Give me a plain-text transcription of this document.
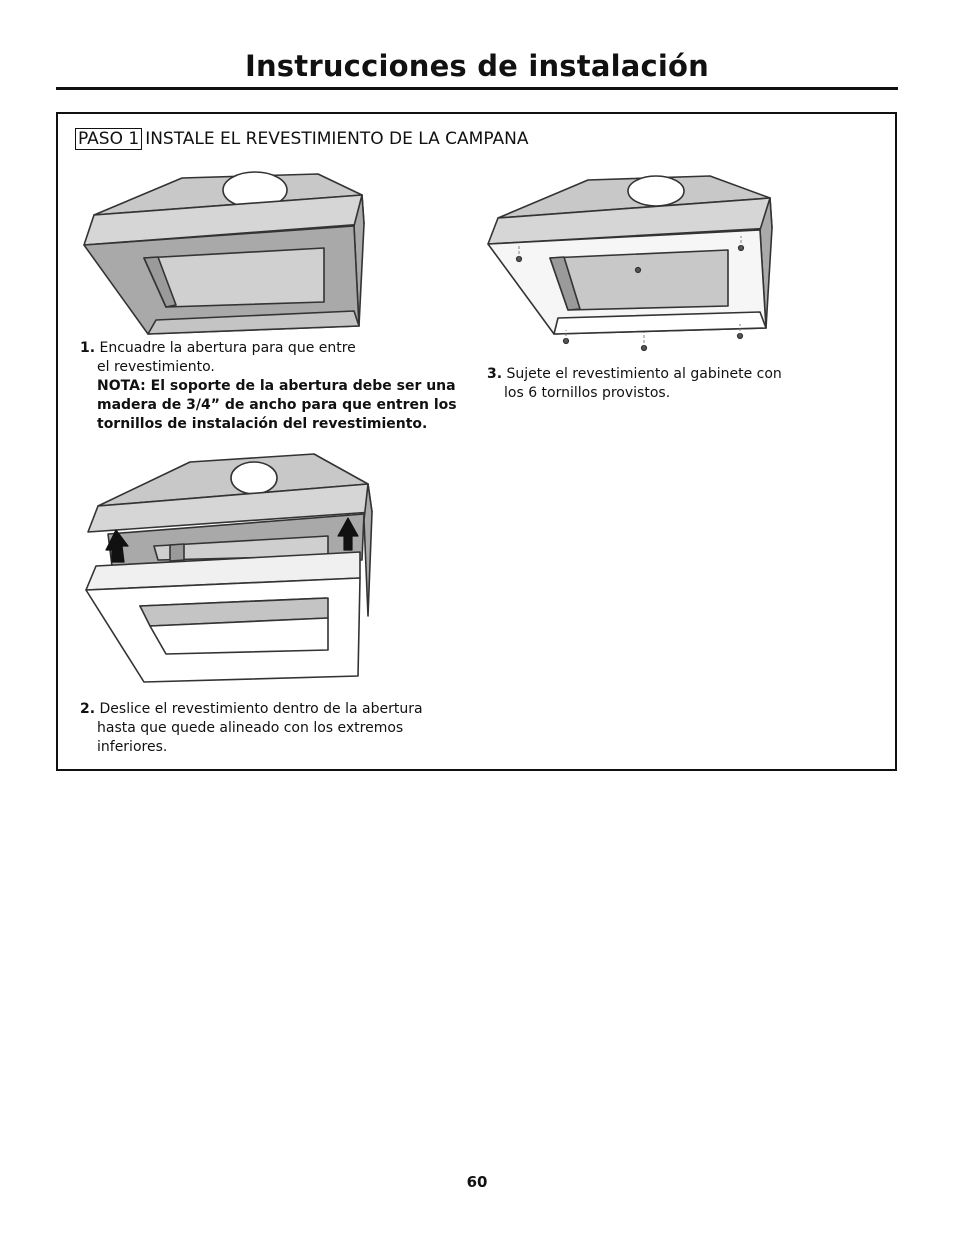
Instrucciones de instalación
PASO 1 INSTALE EL REVESTIMIENTO DE LA CAMPANA
1. Encuadre la abertura para que entre
el revestimiento.
NOTA: El soporte de la abertura debe ser una
madera de 3/4” de ancho para que entren los
tornillos de instalación del revestimiento.
3. Sujete el revestimiento al gabinete con
los 6 tornillos provistos.
2. Deslice el revestimiento dentro de la abertura
hasta que quede alineado con los extremos
inferiores.
60
